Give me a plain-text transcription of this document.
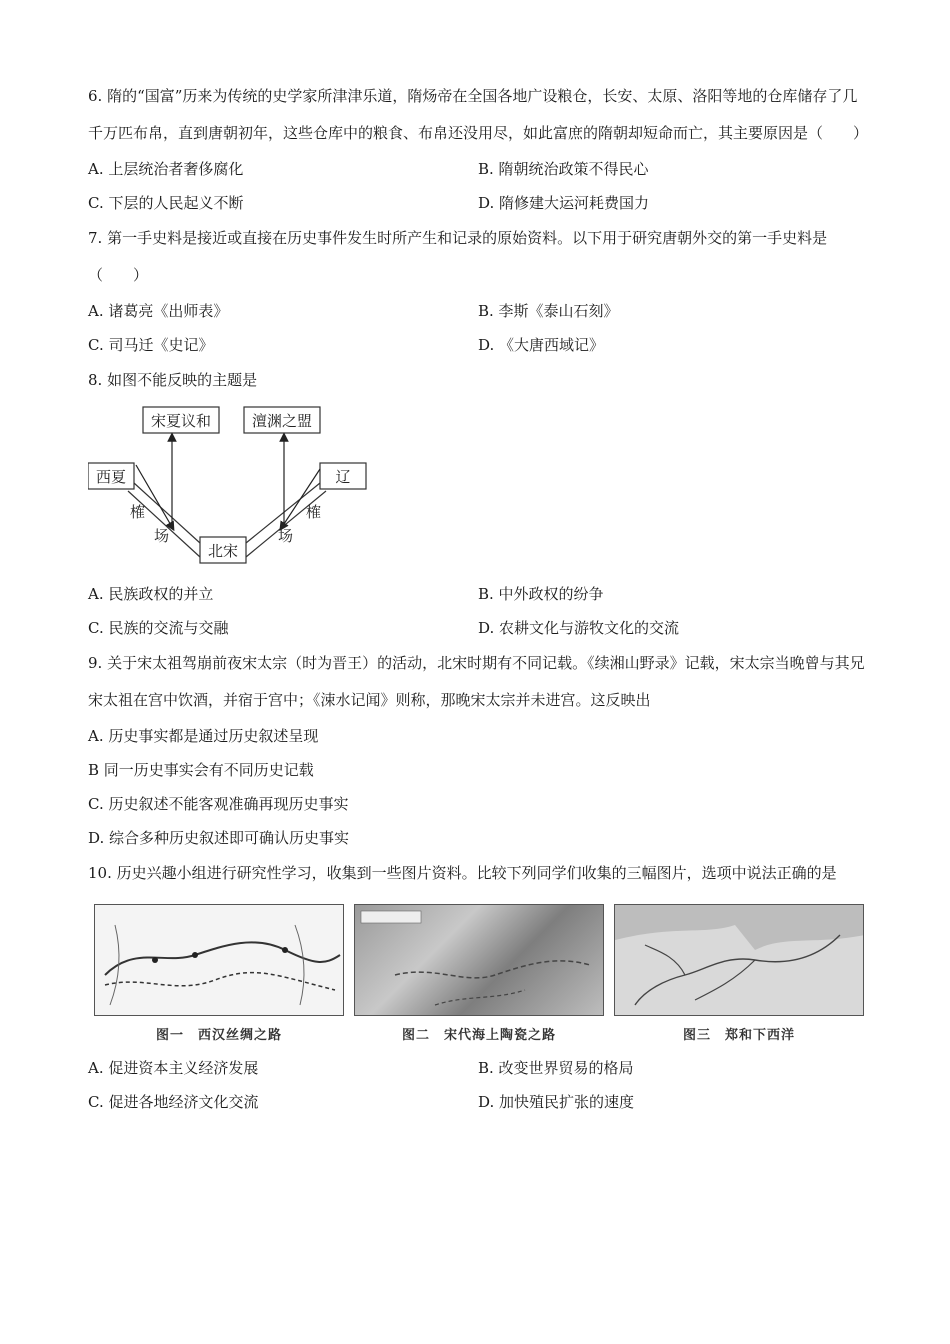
6. 隋的“国富”历来为传统的史学家所津津乐道，隋炀帝在全国各地广设粮仓，长安、太原、洛阳等地的仓库储存了几千万匹布帛，直到唐朝初年，这些仓库中的粮食、布帛还没用尽，如此富庶的隋朝却短命而亡，其主要原因是（　　）

A. 上层统治者奢侈腐化	B. 隋朝统治政策不得民心
C. 下层的人民起义不断	D. 隋修建大运河耗费国力

7. 第一手史料是接近或直接在历史事件发生时所产生和记录的原始资料。以下用于研究唐朝外交的第一手史料是（　　）

A. 诸葛亮《出师表》	B. 李斯《泰山石刻》
C. 司马迁《史记》	D. 《大唐西域记》

8. 如图不能反映的主题是

宋夏议和	澶渊之盟
西夏	辽
北宋
榷
场
榷
场
A. 民族政权的并立	B. 中外政权的纷争
C. 民族的交流与交融	D. 农耕文化与游牧文化的交流

9. 关于宋太祖驾崩前夜宋太宗（时为晋王）的活动，北宋时期有不同记载。《续湘山野录》记载，宋太宗当晚曾与其兄宋太祖在宫中饮酒，并宿于宫中；《涑水记闻》则称，那晚宋太宗并未进宫。这反映出

A. 历史事实都是通过历史叙述呈现
B 同一历史事实会有不同历史记载
C. 历史叙述不能客观准确再现历史事实
D. 综合多种历史叙述即可确认历史事实

10. 历史兴趣小组进行研究性学习，收集到一些图片资料。比较下列同学们收集的三幅图片，选项中说法正确的是

图一　西汉丝绸之路	图二　宋代海上陶瓷之路	图三　郑和下西洋
A. 促进资本主义经济发展	B. 改变世界贸易的格局
C. 促进各地经济文化交流	D. 加快殖民扩张的速度
